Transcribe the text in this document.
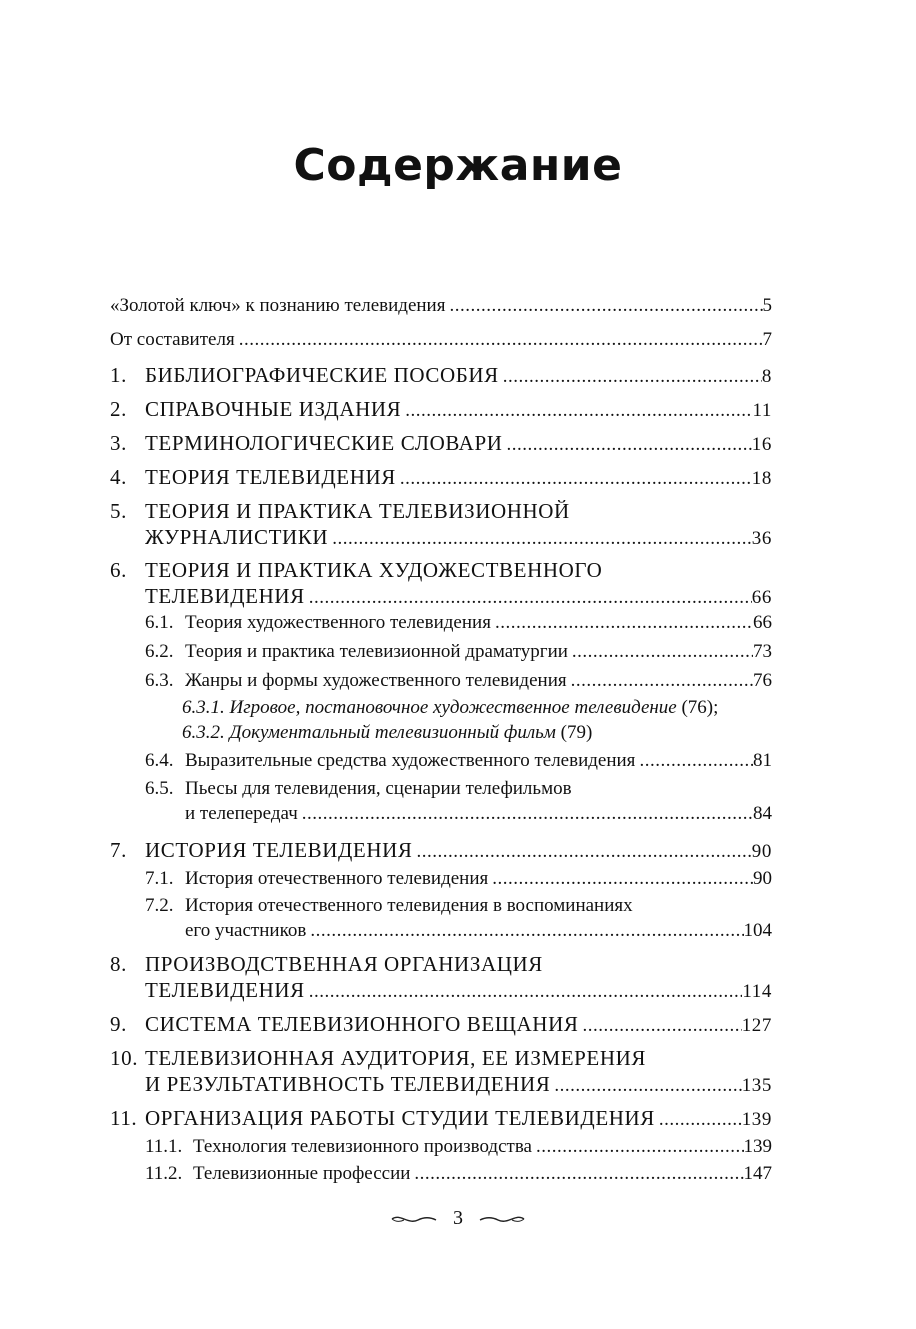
Содержание
«Золотой ключ» к познанию телевидения .....	5
От составителя .....	7
1. БИБЛИОГРАФИЧЕСКИЕ ПОСОБИЯ .....	8
2. СПРАВОЧНЫЕ ИЗДАНИЯ .....	11
3. ТЕРМИНОЛОГИЧЕСКИЕ СЛОВАРИ .....	16
4. ТЕОРИЯ ТЕЛЕВИДЕНИЯ .....	18
5. ТЕОРИЯ И ПРАКТИКА ТЕЛЕВИЗИОННОЙ
ЖУРНАЛИСТИКИ .....	36
6. ТЕОРИЯ И ПРАКТИКА ХУДОЖЕСТВЕННОГО
ТЕЛЕВИДЕНИЯ .....	66
6.1. Теория художественного телевидения .....	66
6.2. Теория и практика телевизионной драматургии .....	73
6.3. Жанры и формы художественного телевидения .....	76
6.3.1. Игровое, постановочное художественное телевидение (76);
6.3.2. Документальный телевизионный фильм (79)
6.4. Выразительные средства художественного телевидения .....	81
6.5. Пьесы для телевидения, сценарии телефильмов
и телепередач .....	84
7. ИСТОРИЯ ТЕЛЕВИДЕНИЯ .....	90
7.1. История отечественного телевидения .....	90
7.2. История отечественного телевидения в воспоминаниях
его участников .....	104
8. ПРОИЗВОДСТВЕННАЯ ОРГАНИЗАЦИЯ
ТЕЛЕВИДЕНИЯ .....	114
9. СИСТЕМА ТЕЛЕВИЗИОННОГО ВЕЩАНИЯ .....	127
10. ТЕЛЕВИЗИОННАЯ АУДИТОРИЯ, ЕЕ ИЗМЕРЕНИЯ
И РЕЗУЛЬТАТИВНОСТЬ ТЕЛЕВИДЕНИЯ .....	135
11. ОРГАНИЗАЦИЯ РАБОТЫ СТУДИИ ТЕЛЕВИДЕНИЯ .....	139
11.1. Технология телевизионного производства .....	139
11.2. Телевизионные профессии .....	147
3
